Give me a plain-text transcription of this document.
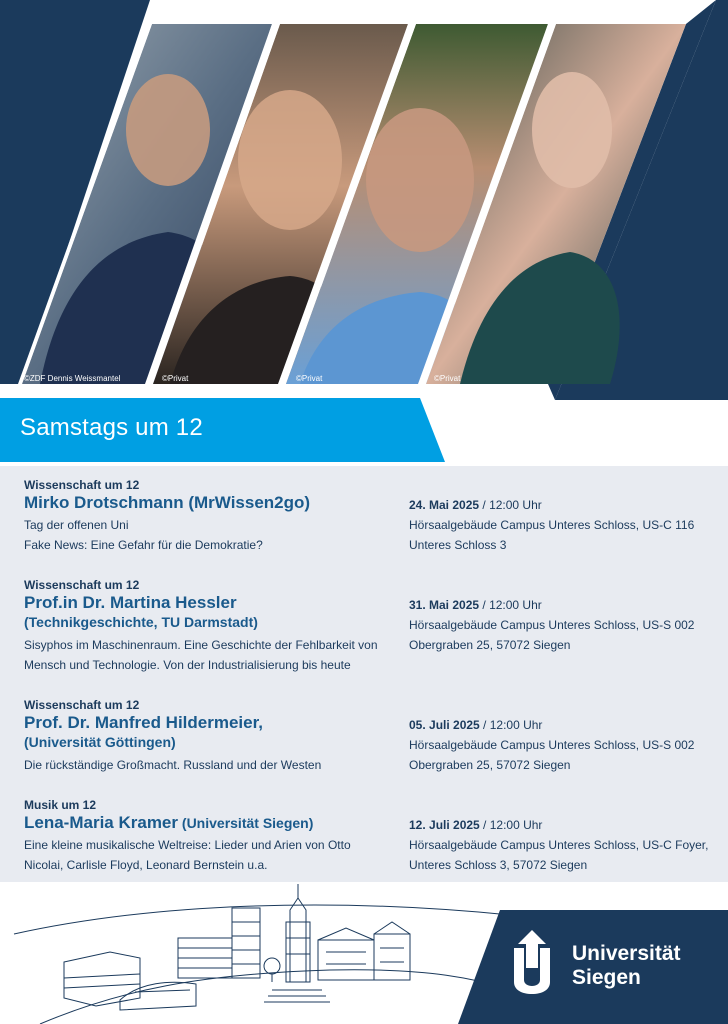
©ZDF Dennis Weissmantel	©Privat	©Privat	©Privat
Samstags um 12
Wissenschaft um 12
Mirko Drotschmann (MrWissen2go)
Tag der offenen Uni
Fake News: Eine Gefahr für die Demokratie?
24. Mai 2025 / 12:00 Uhr
Hörsaalgebäude Campus Unteres Schloss, US-C 116
Unteres Schloss 3
Wissenschaft um 12
Prof.in Dr. Martina Hessler
(Technikgeschichte, TU Darmstadt)
Sisyphos im Maschinenraum. Eine Geschichte der Fehlbarkeit von
Mensch und Technologie. Von der Industrialisierung bis heute
31. Mai 2025 / 12:00 Uhr
Hörsaalgebäude Campus Unteres Schloss, US-S 002
Obergraben 25, 57072 Siegen
Wissenschaft um 12
Prof. Dr. Manfred Hildermeier,
(Universität Göttingen)
Die rückständige Großmacht. Russland und der Westen
05. Juli 2025 / 12:00 Uhr
Hörsaalgebäude Campus Unteres Schloss, US-S 002
Obergraben 25, 57072 Siegen
Musik um 12
Lena-Maria Kramer (Universität Siegen)
Eine kleine musikalische Weltreise: Lieder und Arien von Otto
Nicolai, Carlisle Floyd, Leonard Bernstein u.a.
12. Juli 2025 / 12:00 Uhr
Hörsaalgebäude Campus Unteres Schloss, US-C Foyer,
Unteres Schloss 3, 57072 Siegen
Universität
Siegen
